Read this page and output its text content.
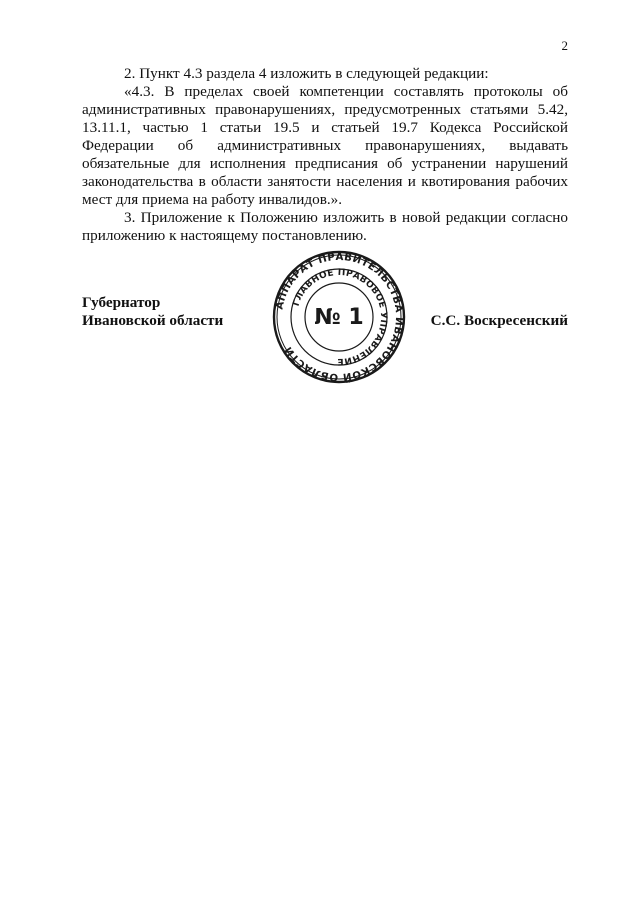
2

2. Пункт 4.3 раздела 4 изложить в следующей редакции:

«4.3. В пределах своей компетенции составлять протоколы об административных правонарушениях, предусмотренных статьями 5.42, 13.11.1, частью 1 статьи 19.5 и статьей 19.7 Кодекса Российской Федерации об административных правонарушениях, выдавать обязательные для исполнения предписания об устранении нарушений законодательства в области занятости населения и квотирования рабочих мест для приема на работу инвалидов.».

3. Приложение к Положению изложить в новой редакции согласно приложению к настоящему постановлению.

Губернатор
Ивановской области
АППАРАТ ПРАВИТЕЛЬСТВА ИВАНОВСКОЙ ОБЛАСТИ
ГЛАВНОЕ ПРАВОВОЕ УПРАВЛЕНИЕ
№ 1	С.С. Воскресенский
